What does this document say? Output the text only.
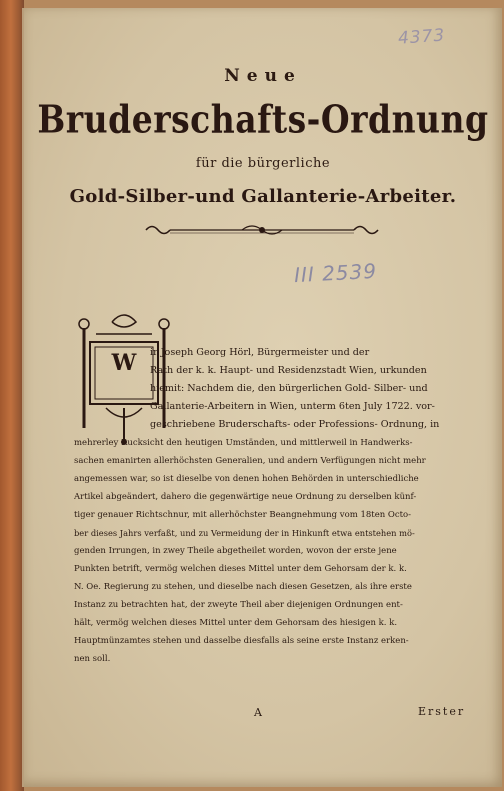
4373
Neue
Bruderschafts-Ordnung
für die bürgerliche
Gold-Silber-und Gallanterie-Arbeiter.
III 2539
W	ir Joseph Georg Hörl, Bürgermeister und der
Rath der k. k. Haupt- und Residenzstadt Wien, urkunden
hiemit: Nachdem die, den bürgerlichen Gold- Silber- und
Gallanterie-Arbeitern in Wien, unterm 6ten July 1722. vor-
geschriebene Bruderschafts- oder Professions- Ordnung, in
mehrerley Rucksicht den heutigen Umständen, und mittlerweil in Handwerks-
sachen emanirten allerhöchsten Generalien, und andern Verfügungen nicht mehr
angemessen war, so ist dieselbe von denen hohen Behörden in unterschiedliche
Artikel abgeändert, dahero die gegenwärtige neue Ordnung zu derselben künf-
tiger genauer Richtschnur, mit allerhöchster Beangnehmung vom 18ten Octo-
ber dieses Jahrs verfaßt, und zu Vermeidung der in Hinkunft etwa entstehen mö-
genden Irrungen, in zwey Theile abgetheilet worden, wovon der erste jene
Punkten betrift, vermög welchen dieses Mittel unter dem Gehorsam der k. k.
N. Oe. Regierung zu stehen, und dieselbe nach diesen Gesetzen, als ihre erste
Instanz zu betrachten hat, der zweyte Theil aber diejenigen Ordnungen ent-
hält, vermög welchen dieses Mittel unter dem Gehorsam des hiesigen k. k.
Hauptmünzamtes stehen und dasselbe diesfalls als seine erste Instanz erken-
nen soll.
A	Erster
